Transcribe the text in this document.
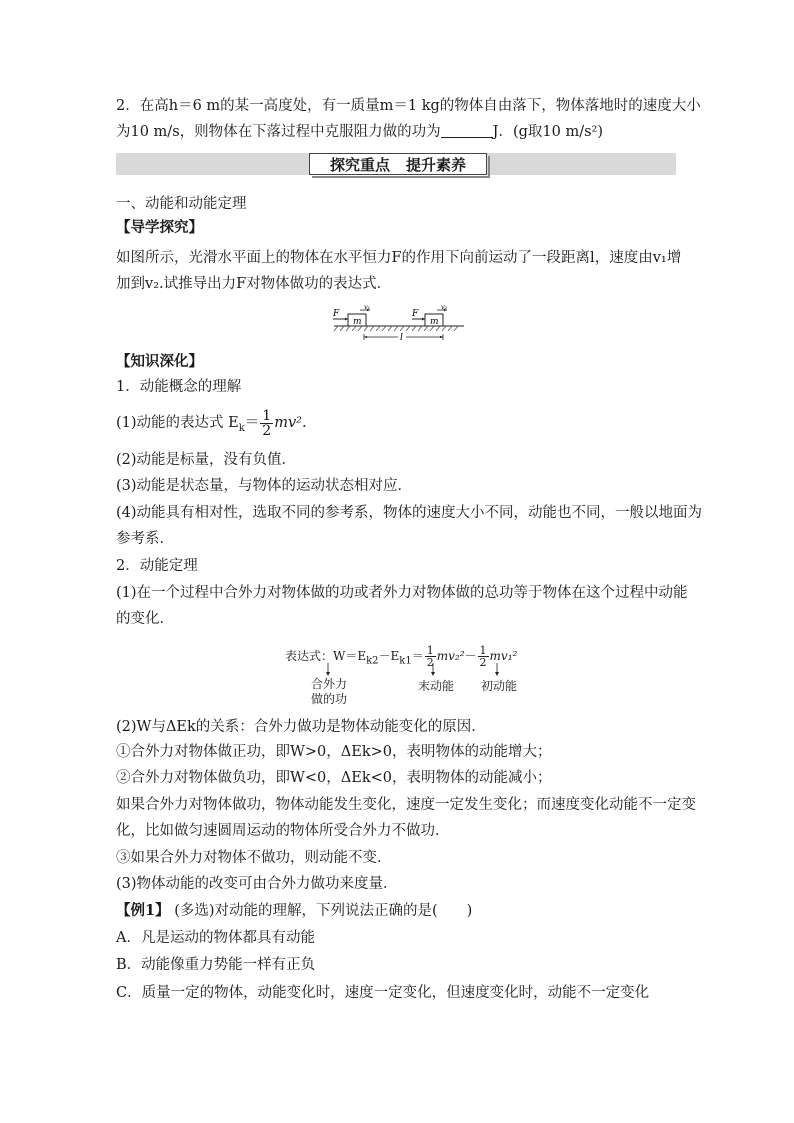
2．在高h＝6 m的某一高度处，有一质量m＝1 kg的物体自由落下，物体落地时的速度大小
为10 m/s，则物体在下落过程中克服阻力做的功为	J．(g取10 m/s²)
探究重点 提升素养
一、动能和动能定理
【导学探究】
如图所示，光滑水平面上的物体在水平恒力F的作用下向前运动了一段距离l，速度由v₁增
加到v₂.试推导出力F对物体做功的表达式．
m
F
v₁
m
F
v₂
l
【知识深化】
1．动能概念的理解
(1)动能的表达式 $E_k= \frac{1}{2} mv^2$.
(2)动能是标量，没有负值．
(3)动能是状态量，与物体的运动状态相对应．
(4)动能具有相对性，选取不同的参考系，物体的速度大小不同，动能也不同，一般以地面为
参考系．
2．动能定理
(1)在一个过程中合外力对物体做的功或者外力对物体做的总功等于物体在这个过程中动能
的变化．
表达式：$W=E_{k2}-E_{k1}= \frac{1}{2} mv_2^2- \frac{1}{2} mv_1^2$
合外力
做的功
末动能 初动能
(2)W与ΔEk的关系：合外力做功是物体动能变化的原因．
①合外力对物体做正功，即W>0，ΔEk>0，表明物体的动能增大；
②合外力对物体做负功，即W<0，ΔEk<0，表明物体的动能减小；
如果合外力对物体做功，物体动能发生变化，速度一定发生变化；而速度变化动能不一定变
化，比如做匀速圆周运动的物体所受合外力不做功．
③如果合外力对物体不做功，则动能不变．
(3)物体动能的改变可由合外力做功来度量．
【例1】 (多选)对动能的理解，下列说法正确的是(　　)
A．凡是运动的物体都具有动能
B．动能像重力势能一样有正负
C．质量一定的物体，动能变化时，速度一定变化，但速度变化时，动能不一定变化
